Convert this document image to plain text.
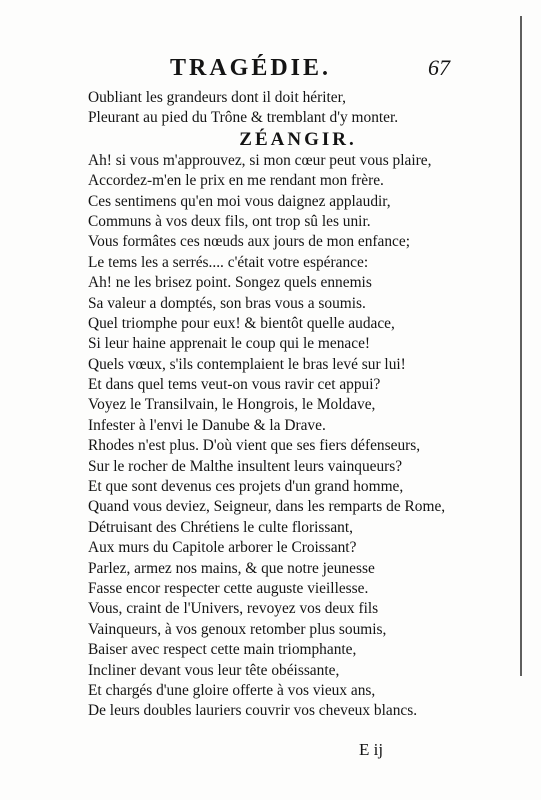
TRAGÉDIE.	67
Oubliant les grandeurs dont il doit hériter,
Pleurant au pied du Trône & tremblant d'y monter.
ZÉANGIR.
Ah! si vous m'approuvez, si mon cœur peut vous plaire,
Accordez-m'en le prix en me rendant mon frère.
Ces sentimens qu'en moi vous daignez applaudir,
Communs à vos deux fils, ont trop sû les unir.
Vous formâtes ces nœuds aux jours de mon enfance;
Le tems les a serrés.... c'était votre espérance:
Ah! ne les brisez point. Songez quels ennemis
Sa valeur a domptés, son bras vous a soumis.
Quel triomphe pour eux! & bientôt quelle audace,
Si leur haine apprenait le coup qui le menace!
Quels vœux, s'ils contemplaient le bras levé sur lui!
Et dans quel tems veut-on vous ravir cet appui?
Voyez le Transilvain, le Hongrois, le Moldave,
Infester à l'envi le Danube & la Drave.
Rhodes n'est plus. D'où vient que ses fiers défenseurs,
Sur le rocher de Malthe insultent leurs vainqueurs?
Et que sont devenus ces projets d'un grand homme,
Quand vous deviez, Seigneur, dans les remparts de Rome,
Détruisant des Chrétiens le culte florissant,
Aux murs du Capitole arborer le Croissant?
Parlez, armez nos mains, & que notre jeunesse
Fasse encor respecter cette auguste vieillesse.
Vous, craint de l'Univers, revoyez vos deux fils
Vainqueurs, à vos genoux retomber plus soumis,
Baiser avec respect cette main triomphante,
Incliner devant vous leur tête obéissante,
Et chargés d'une gloire offerte à vos vieux ans,
De leurs doubles lauriers couvrir vos cheveux blancs.
E ij
